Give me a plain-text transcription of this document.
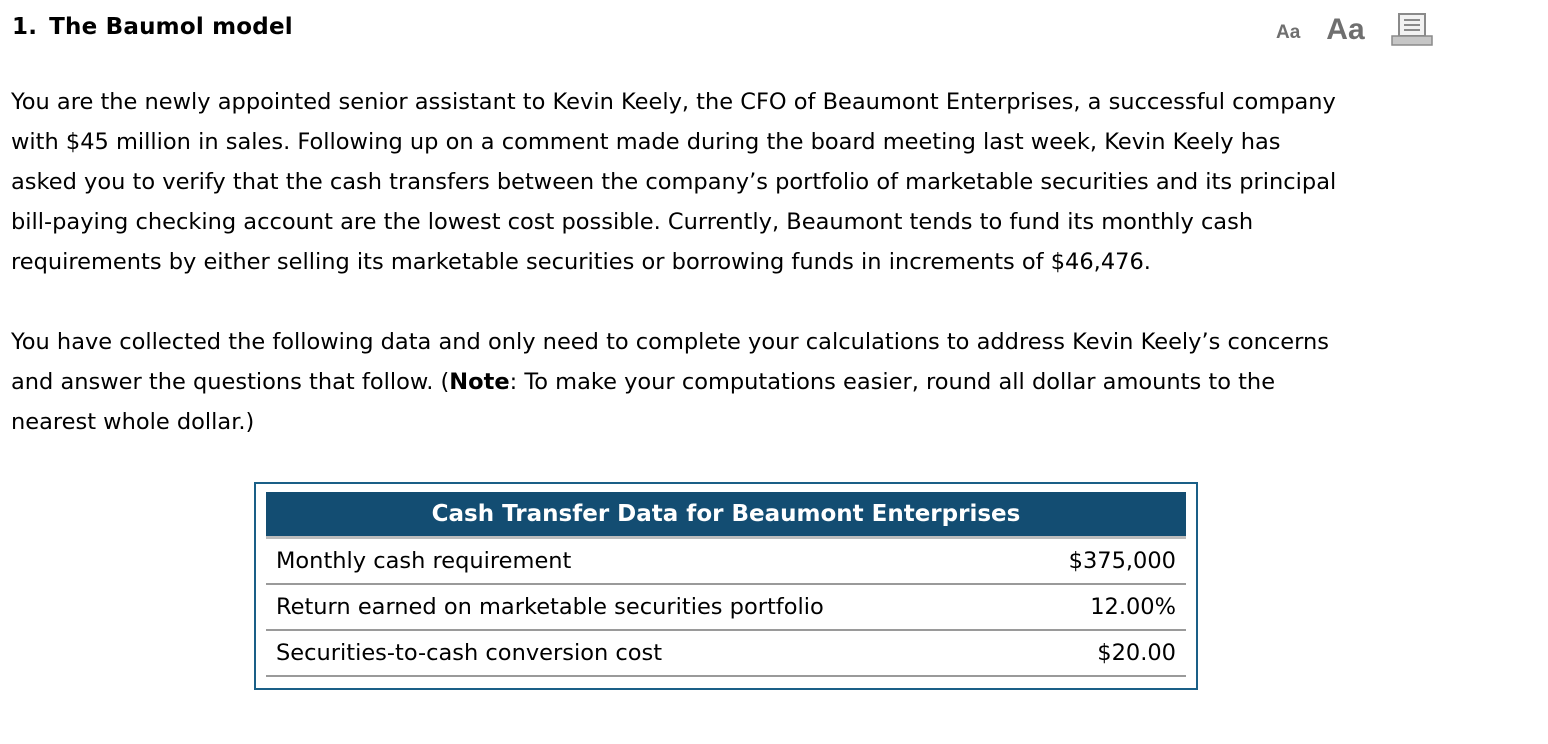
1. The Baumol model	Aa Aa

You are the newly appointed senior assistant to Kevin Keely, the CFO of Beaumont Enterprises, a successful company
with $45 million in sales. Following up on a comment made during the board meeting last week, Kevin Keely has
asked you to verify that the cash transfers between the company’s portfolio of marketable securities and its principal
bill-paying checking account are the lowest cost possible. Currently, Beaumont tends to fund its monthly cash
requirements by either selling its marketable securities or borrowing funds in increments of $46,476.

You have collected the following data and only need to complete your calculations to address Kevin Keely’s concerns
and answer the questions that follow. (Note: To make your computations easier, round all dollar amounts to the
nearest whole dollar.)

Cash Transfer Data for Beaumont Enterprises
Monthly cash requirement	$375,000
Return earned on marketable securities portfolio	12.00%
Securities-to-cash conversion cost	$20.00
